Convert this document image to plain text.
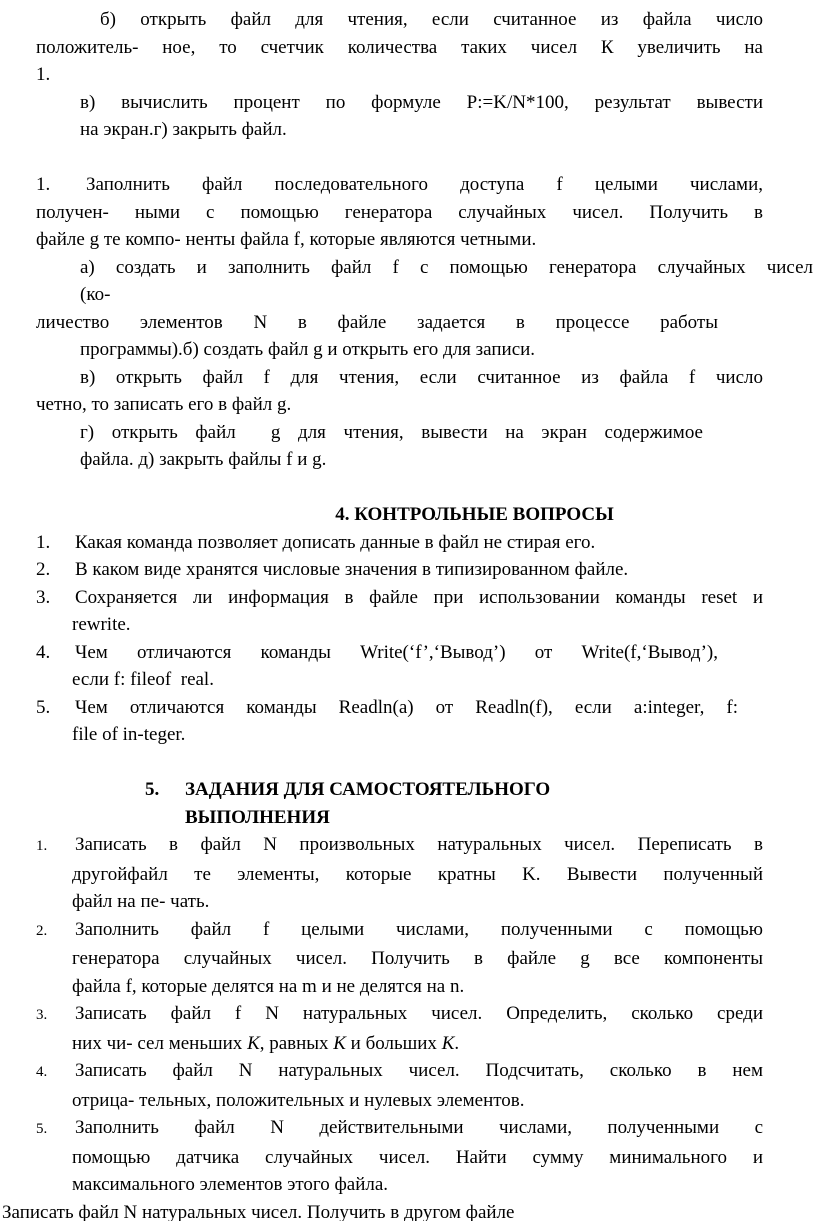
б) открыть файл для чтения, если считанное из файла число
положитель- ное, то счетчик количества таких чисел К увеличить на
1.
в) вычислить процент по формуле P:=K/N*100, результат вывести
на экран.г) закрыть файл.
1. Заполнить файл последовательного доступа f целыми числами,
получен- ными с помощью генератора случайных чисел. Получить в
файле g те компо- ненты файла f, которые являются четными.
а) создать и заполнить файл f с помощью генератора случайных чисел
(ко-
личество элементов N в файле задается в процессе работы
программы).б) создать файл g и открыть его для записи.
в) открыть файл f для чтения, если считанное из файла f число
четно, то записать его в файл g.
г) открыть файл  g для чтения, вывести на экран содержимое
файла. д) закрыть файлы f и g.
4. КОНТРОЛЬНЫЕ ВОПРОСЫ
1. Какая команда позволяет дописать данные в файл не стирая его.
2. В каком виде хранятся числовые значения в типизированном файле.
3. Сохраняется ли информация в файле при использовании команды reset и
rewrite.
4. Чем отличаются команды Write(‘f’,‘Вывод’) от Write(f,‘Вывод’),
если f: fileof  real.
5. Чем отличаются команды Readln(a) от Readln(f), если a:integer, f:
file of in-teger.
5. ЗАДАНИЯ ДЛЯ САМОСТОЯТЕЛЬНОГО
ВЫПОЛНЕНИЯ
1. Записать в файл N произвольных натуральных чисел. Переписать в
другойфайл те элементы, которые кратны K. Вывести полученный
файл на пе- чать.
2. Заполнить файл f целыми числами, полученными с помощью
генератора случайных чисел. Получить в файле g все компоненты
файла f, которые делятся на m и не делятся на n.
3. Записать файл f N натуральных чисел. Определить, сколько среди
них чи- сел меньших К, равных К и больших К.
4. Записать файл N натуральных чисел. Подсчитать, сколько в нем
отрица- тельных, положительных и нулевых элементов.
5. Заполнить файл N действительными числами, полученными с
помощью датчика случайных чисел. Найти сумму минимального и
максимального элементов этого файла.
Записать файл N натуральных чисел. Получить в другом файле
